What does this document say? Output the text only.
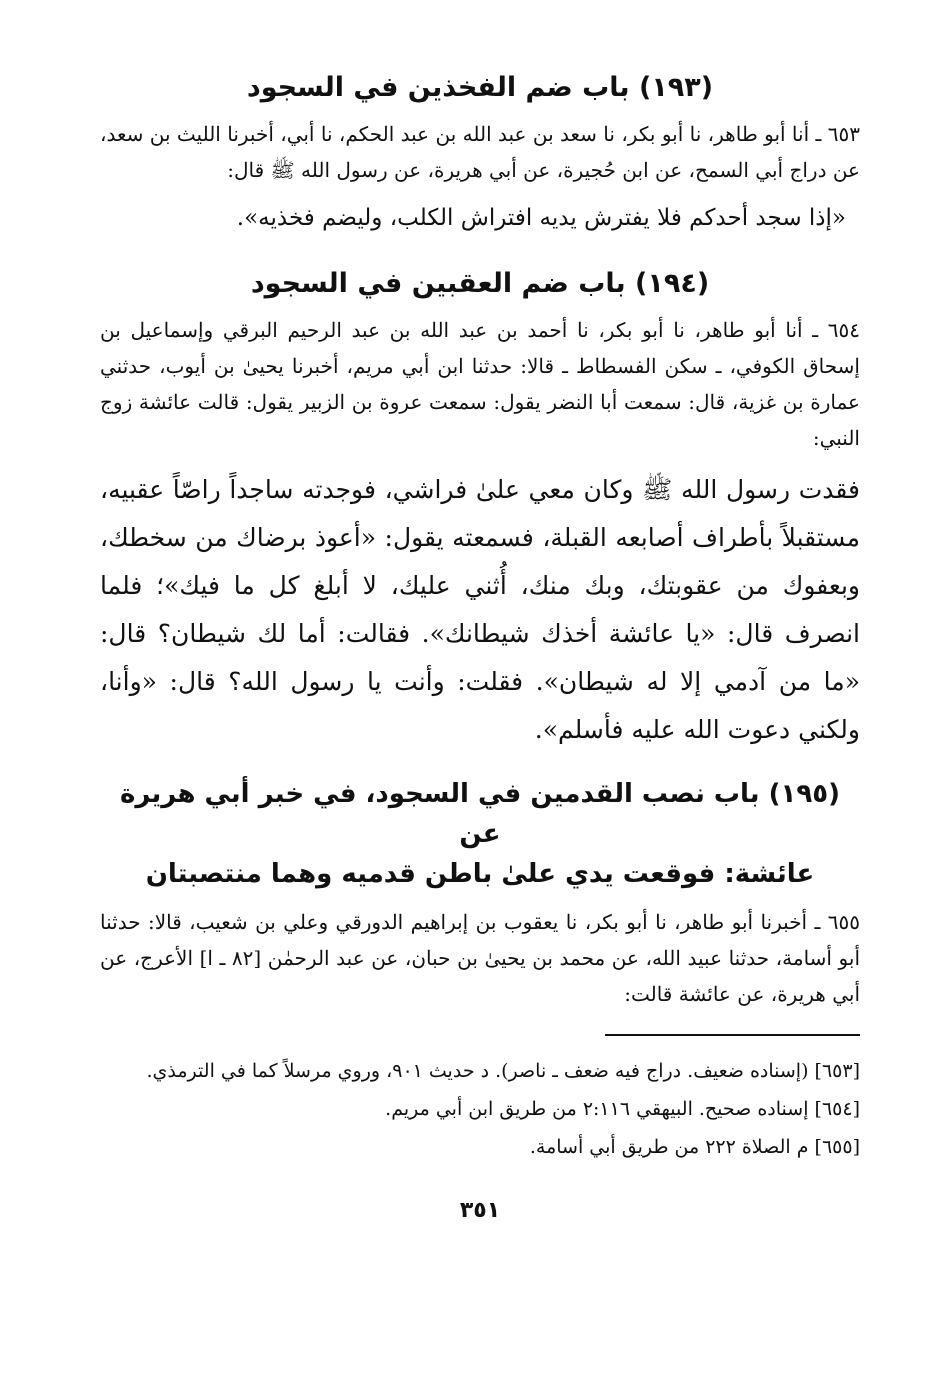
(١٩٣) باب ضم الفخذين في السجود

٦٥٣ ـ أنا أبو طاهر، نا أبو بكر، نا سعد بن عبد الله بن عبد الحكم، نا أبي، أخبرنا الليث بن سعد، عن دراج أبي السمح، عن ابن حُجيرة، عن أبي هريرة، عن رسول الله ﷺ قال:

«إذا سجد أحدكم فلا يفترش يديه افتراش الكلب، وليضم فخذيه».

(١٩٤) باب ضم العقبين في السجود

٦٥٤ ـ أنا أبو طاهر، نا أبو بكر، نا أحمد بن عبد الله بن عبد الرحيم البرقي وإسماعيل بن إسحاق الكوفي، ـ سكن الفسطاط ـ قالا: حدثنا ابن أبي مريم، أخبرنا يحيىٰ بن أيوب، حدثني عمارة بن غزية، قال: سمعت أبا النضر يقول: سمعت عروة بن الزبير يقول: قالت عائشة زوج النبي:

فقدت رسول الله ﷺ وكان معي علىٰ فراشي، فوجدته ساجداً راصّاً عقبيه، مستقبلاً بأطراف أصابعه القبلة، فسمعته يقول: «أعوذ برضاك من سخطك، وبعفوك من عقوبتك، وبك منك، أُثني عليك، لا أبلغ كل ما فيك»؛ فلما انصرف قال: «يا عائشة أخذك شيطانك». فقالت: أما لك شيطان؟ قال: «ما من آدمي إلا له شيطان». فقلت: وأنت يا رسول الله؟ قال: «وأنا، ولكني دعوت الله عليه فأسلم».

(١٩٥) باب نصب القدمين في السجود، في خبر أبي هريرة عن
عائشة: فوقعت يدي علىٰ باطن قدميه وهما منتصبتان

٦٥٥ ـ أخبرنا أبو طاهر، نا أبو بكر، نا يعقوب بن إبراهيم الدورقي وعلي بن شعيب، قالا: حدثنا أبو أسامة، حدثنا عبيد الله، عن محمد بن يحيىٰ بن حبان، عن عبد الرحمٰن [٨٢ ـ ا] الأعرج، عن أبي هريرة، عن عائشة قالت:

[٦٥٣] (إسناده ضعيف. دراج فيه ضعف ـ ناصر). د حديث ٩٠١، وروي مرسلاً كما في الترمذي.

[٦٥٤] إسناده صحيح. البيهقي ٢:١١٦ من طريق ابن أبي مريم.

[٦٥٥] م الصلاة ٢٢٢ من طريق أبي أسامة.

٣٥١
